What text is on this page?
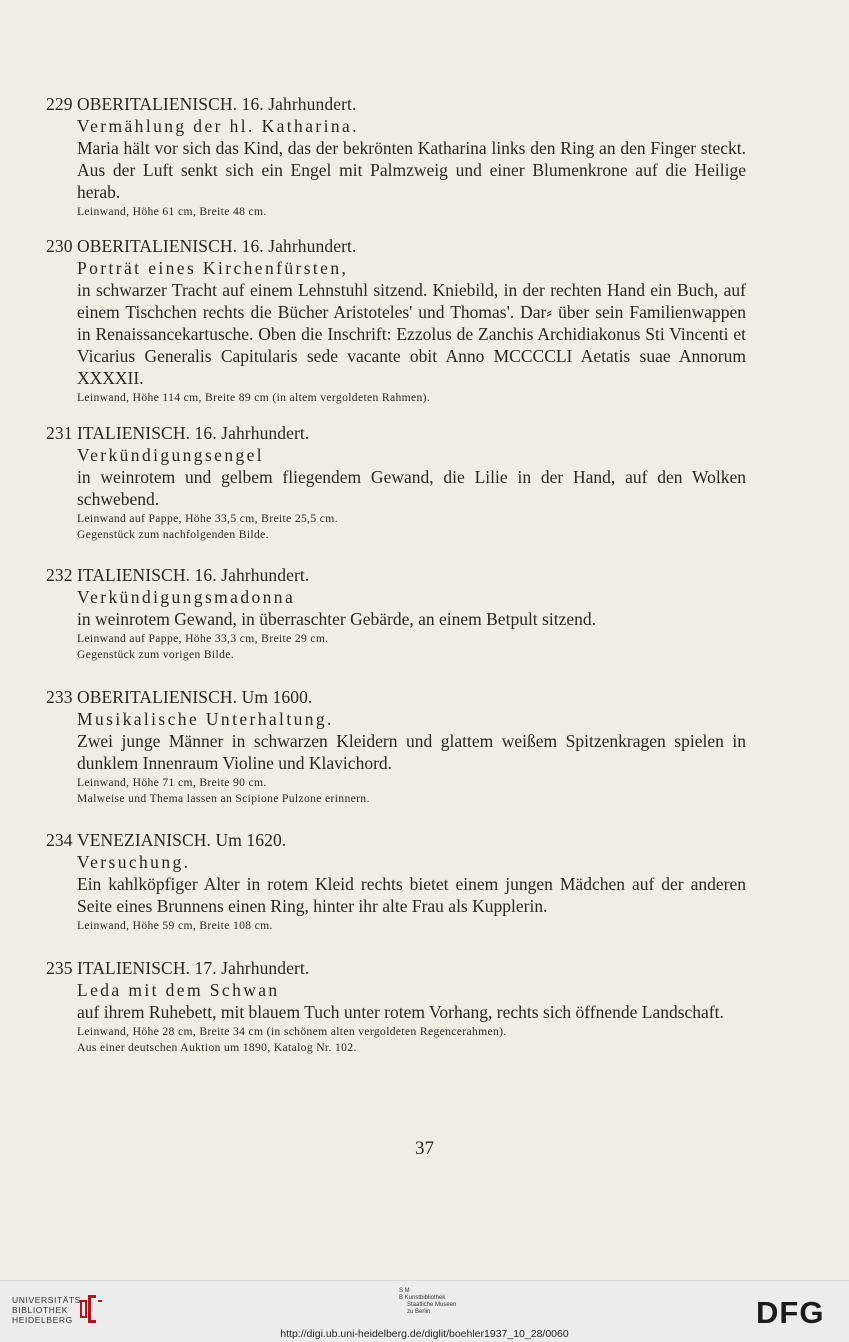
229 OBERITALIENISCH. 16. Jahrhundert.
Vermählung der hl. Katharina.
Maria hält vor sich das Kind, das der bekrönten Katharina links den Ring an den Finger steckt. Aus der Luft senkt sich ein Engel mit Palmzweig und einer Blumenkrone auf die Heilige herab.
Leinwand, Höhe 61 cm, Breite 48 cm.
230 OBERITALIENISCH. 16. Jahrhundert.
Porträt eines Kirchenfürsten,
in schwarzer Tracht auf einem Lehnstuhl sitzend. Kniebild, in der rechten Hand ein Buch, auf einem Tischchen rechts die Bücher Aristoteles' und Thomas'. Dar⸗ über sein Familienwappen in Renaissancekartusche. Oben die Inschrift: Ezzolus de Zanchis Archidiakonus Sti Vincenti et Vicarius Generalis Capitularis sede vacante obit Anno MCCCCLI Aetatis suae Annorum XXXXII.
Leinwand, Höhe 114 cm, Breite 89 cm (in altem vergoldeten Rahmen).
231 ITALIENISCH. 16. Jahrhundert.
Verkündigungsengel
in weinrotem und gelbem fliegendem Gewand, die Lilie in der Hand, auf den Wolken schwebend.
Leinwand auf Pappe, Höhe 33,5 cm, Breite 25,5 cm.
Gegenstück zum nachfolgenden Bilde.
232 ITALIENISCH. 16. Jahrhundert.
Verkündigungsmadonna
in weinrotem Gewand, in überraschter Gebärde, an einem Betpult sitzend.
Leinwand auf Pappe, Höhe 33,3 cm, Breite 29 cm.
Gegenstück zum vorigen Bilde.
233 OBERITALIENISCH. Um 1600.
Musikalische Unterhaltung.
Zwei junge Männer in schwarzen Kleidern und glattem weißem Spitzenkragen spielen in dunklem Innenraum Violine und Klavichord.
Leinwand, Höhe 71 cm, Breite 90 cm.
Malweise und Thema lassen an Scipione Pulzone erinnern.
234 VENEZIANISCH. Um 1620.
Versuchung.
Ein kahlköpfiger Alter in rotem Kleid rechts bietet einem jungen Mädchen auf der anderen Seite eines Brunnens einen Ring, hinter ihr alte Frau als Kupplerin.
Leinwand, Höhe 59 cm, Breite 108 cm.
235 ITALIENISCH. 17. Jahrhundert.
Leda mit dem Schwan
auf ihrem Ruhebett, mit blauem Tuch unter rotem Vorhang, rechts sich öffnende Landschaft.
Leinwand, Höhe 28 cm, Breite 34 cm (in schönem alten vergoldeten Regencerahmen).
Aus einer deutschen Auktion um 1890, Katalog Nr. 102.
37
UNIVERSITÄTS-
BIBLIOTHEK
HEIDELBERG
S M
B Kunstbibliothek
Staatliche Museen
zu Berlin	DFG
http://digi.ub.uni-heidelberg.de/diglit/boehler1937_10_28/0060
